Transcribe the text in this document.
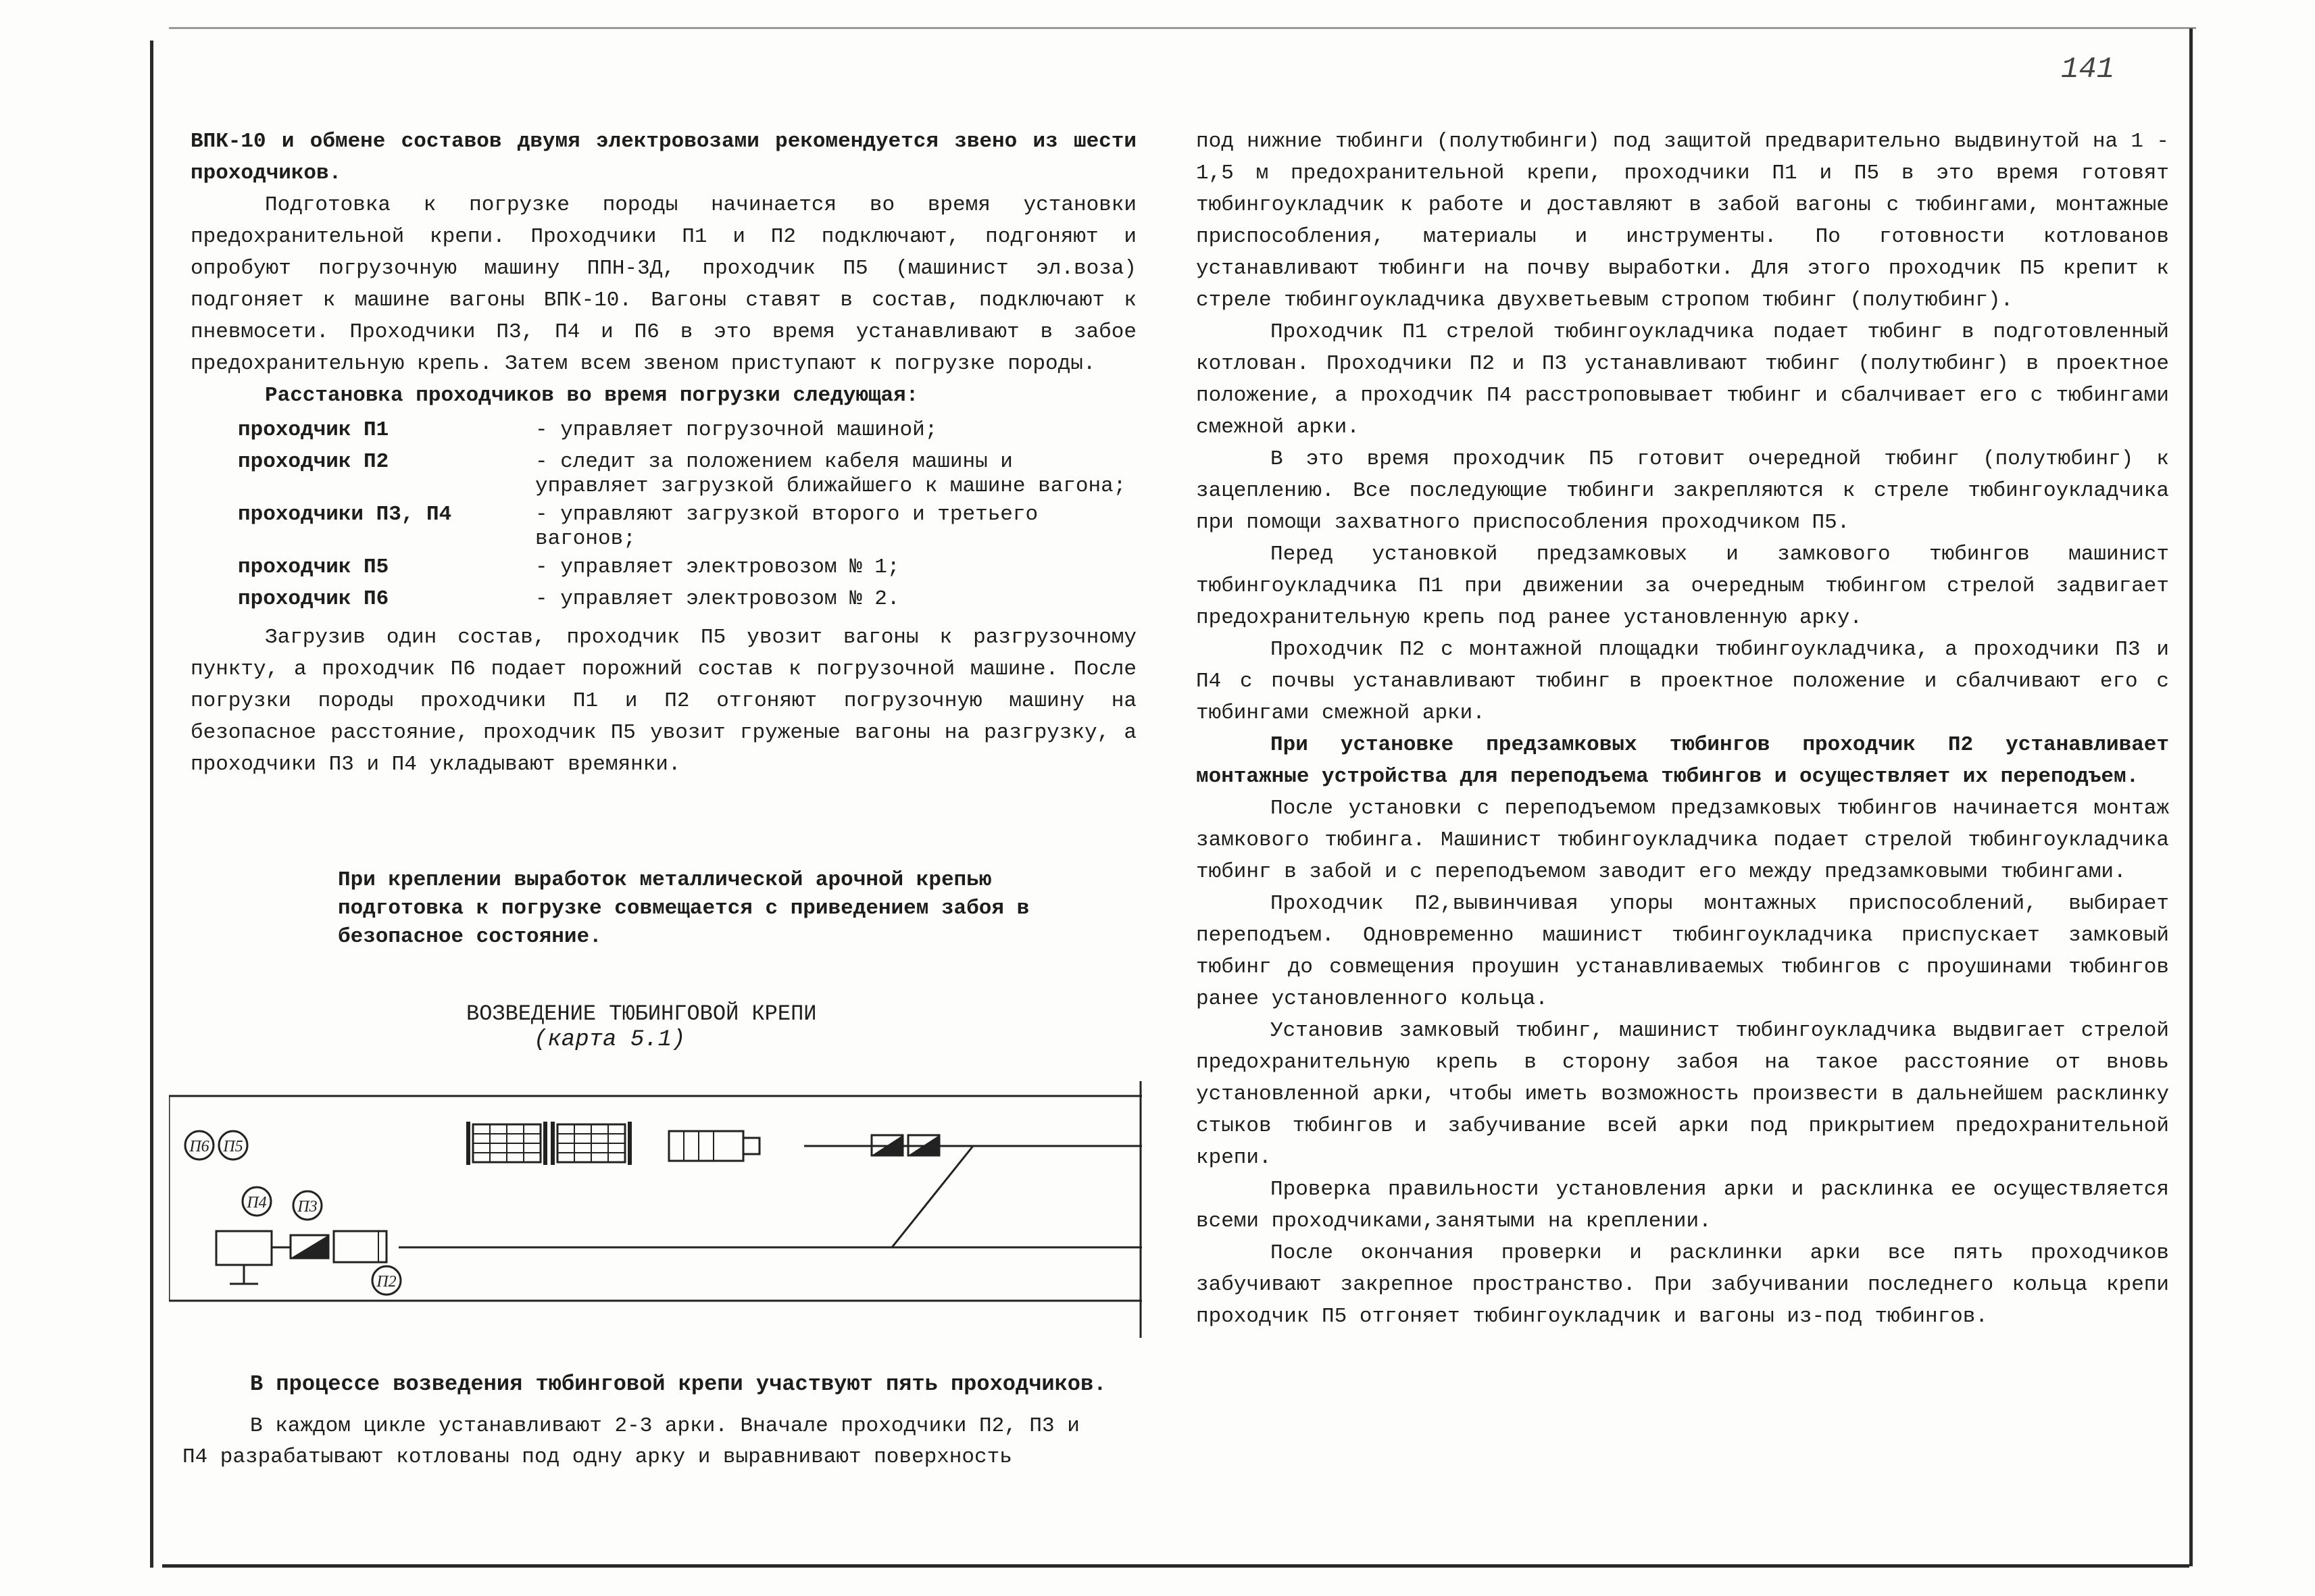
141

ВПК-10 и обмене составов двумя электровозами рекомендуется звено из шести проходчиков.

Подготовка к погрузке породы начинается во время установки предохранительной крепи. Проходчики П1 и П2 подключают, подгоняют и опробуют погрузочную машину ППН-3Д, проходчик П5 (машинист эл.воза) подгоняет к машине вагоны ВПК-10. Вагоны ставят в состав, подключают к пневмосети. Проходчики П3, П4 и П6 в это время устанавливают в забое предохранительную крепь. Затем всем звеном приступают к погрузке породы.

Расстановка проходчиков во время погрузки следующая:

проходчик П1	- управляет погрузочной машиной;
проходчик П2	- следит за положением кабеля машины и управляет загрузкой ближайшего к машине вагона;
проходчики П3, П4	- управляют загрузкой второго и третьего вагонов;
проходчик П5	- управляет электровозом № 1;
проходчик П6	- управляет электровозом № 2.

Загрузив один состав, проходчик П5 увозит вагоны к разгрузочному пункту, а проходчик П6 подает порожний состав к погрузочной машине. После погрузки породы проходчики П1 и П2 отгоняют погрузочную машину на безопасное расстояние, проходчик П5 увозит груженые вагоны на разгрузку, а проходчики П3 и П4 укладывают времянки.

При креплении выработок металлической арочной крепью подготовка к погрузке совмещается с приведением забоя в безопасное состояние.
ВОЗВЕДЕНИЕ ТЮБИНГОВОЙ КРЕПИ
(карта 5.1)
П6 П5
П4 П3
П2
В процессе возведения тюбинговой крепи участвуют пять проходчиков.
В каждом цикле устанавливают 2-3 арки. Вначале проходчики П2, П3 и П4 разрабатывают котлованы под одну арку и выравнивают поверхность

под нижние тюбинги (полутюбинги) под защитой предварительно выдвинутой на 1 - 1,5 м предохранительной крепи, проходчики П1 и П5 в это время готовят тюбингоукладчик к работе и доставляют в забой вагоны с тюбингами, монтажные приспособления, материалы и инструменты. По готовности котлованов устанавливают тюбинги на почву выработки. Для этого проходчик П5 крепит к стреле тюбингоукладчика двухветьевым стропом тюбинг (полутюбинг).

Проходчик П1 стрелой тюбингоукладчика подает тюбинг в подготовленный котлован. Проходчики П2 и П3 устанавливают тюбинг (полутюбинг) в проектное положение, а проходчик П4 расстроповывает тюбинг и сбалчивает его с тюбингами смежной арки.

В это время проходчик П5 готовит очередной тюбинг (полутюбинг) к зацеплению. Все последующие тюбинги закрепляются к стреле тюбингоукладчика при помощи захватного приспособления проходчиком П5.

Перед установкой предзамковых и замкового тюбингов машинист тюбингоукладчика П1 при движении за очередным тюбингом стрелой задвигает предохранительную крепь под ранее установленную арку.

Проходчик П2 с монтажной площадки тюбингоукладчика, а проходчики П3 и П4 с почвы устанавливают тюбинг в проектное положение и сбалчивают его с тюбингами смежной арки.

При установке предзамковых тюбингов проходчик П2 устанавливает монтажные устройства для переподъема тюбингов и осуществляет их переподъем.

После установки с переподъемом предзамковых тюбингов начинается монтаж замкового тюбинга. Машинист тюбингоукладчика подает стрелой тюбингоукладчика тюбинг в забой и с переподъемом заводит его между предзамковыми тюбингами.

Проходчик П2,вывинчивая упоры монтажных приспособлений, выбирает переподъем. Одновременно машинист тюбингоукладчика приспускает замковый тюбинг до совмещения проушин устанавливаемых тюбингов с проушинами тюбингов ранее установленного кольца.

Установив замковый тюбинг, машинист тюбингоукладчика выдвигает стрелой предохранительную крепь в сторону забоя на такое расстояние от вновь установленной арки, чтобы иметь возможность произвести в дальнейшем расклинку стыков тюбингов и забучивание всей арки под прикрытием предохранительной крепи.

Проверка правильности установления арки и расклинка ее осуществляется всеми проходчиками,занятыми на креплении.

После окончания проверки и расклинки арки все пять проходчиков забучивают закрепное пространство. При забучивании последнего кольца крепи проходчик П5 отгоняет тюбингоукладчик и вагоны из-под тюбингов.
